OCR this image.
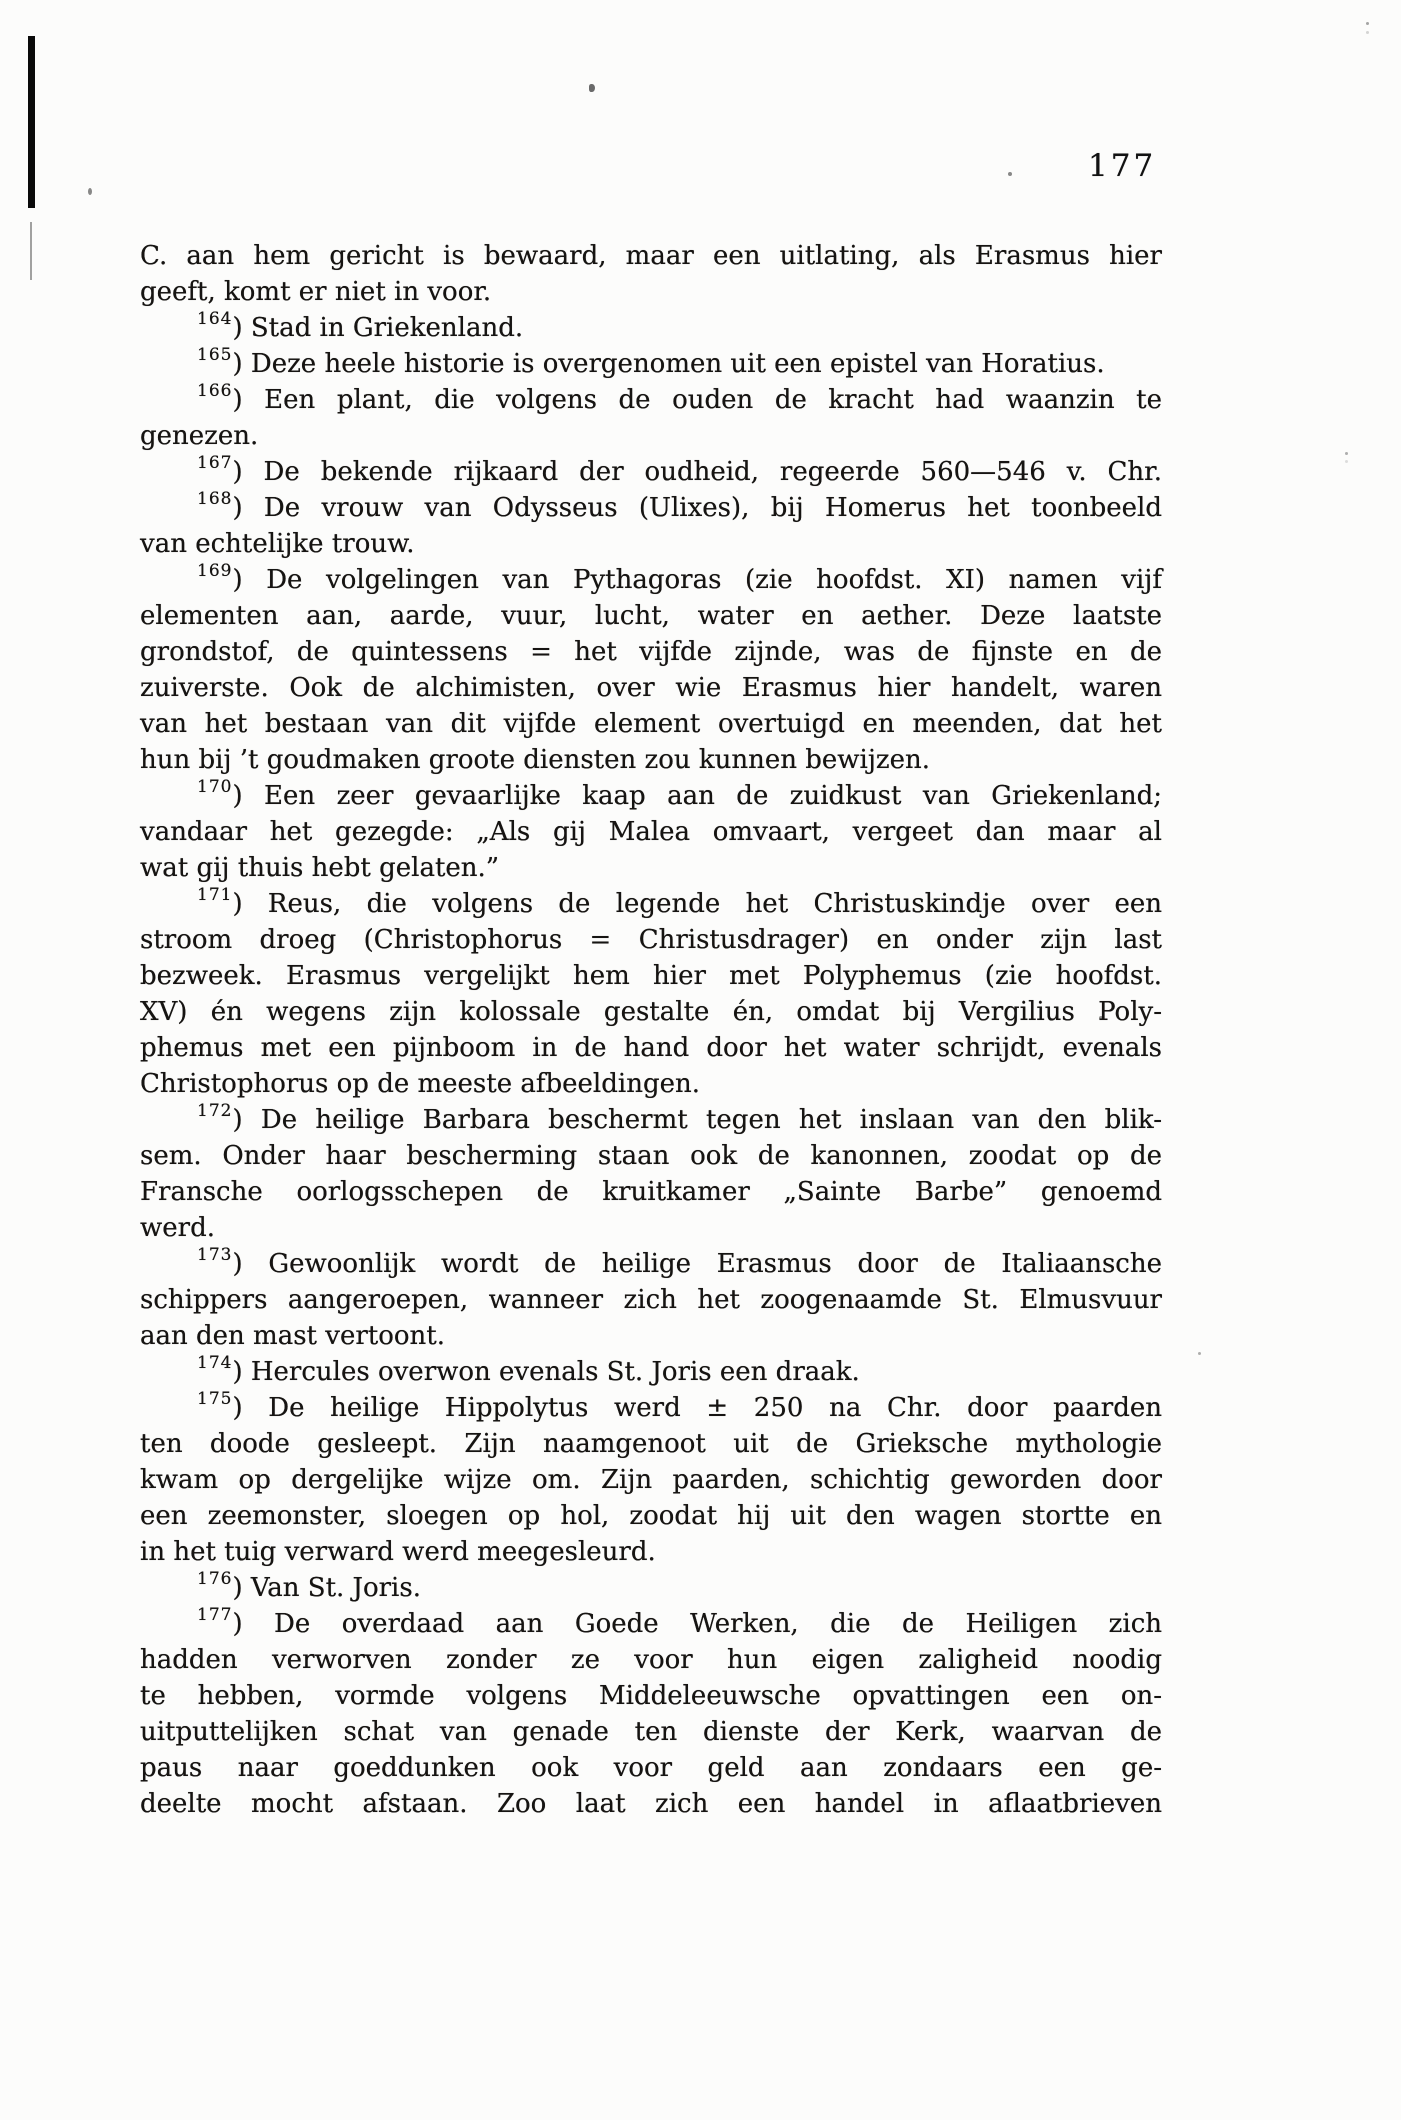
177
C. aan hem gericht is bewaard, maar een uitlating, als Erasmus hier
geeft, komt er niet in voor.
$^{164}$) Stad in Griekenland.
$^{165}$) Deze heele historie is overgenomen uit een epistel van Horatius.
$^{166}$) Een plant, die volgens de ouden de kracht had waanzin te
genezen.
$^{167}$) De bekende rijkaard der oudheid, regeerde 560—546 v. Chr.
$^{168}$) De vrouw van Odysseus (Ulixes), bij Homerus het toonbeeld
van echtelijke trouw.
$^{169}$) De volgelingen van Pythagoras (zie hoofdst. XI) namen vijf
elementen aan, aarde, vuur, lucht, water en aether. Deze laatste
grondstof, de quintessens = het vijfde zijnde, was de fijnste en de
zuiverste. Ook de alchimisten, over wie Erasmus hier handelt, waren
van het bestaan van dit vijfde element overtuigd en meenden, dat het
hun bij ’t goudmaken groote diensten zou kunnen bewijzen.
$^{170}$) Een zeer gevaarlijke kaap aan de zuidkust van Griekenland;
vandaar het gezegde: „Als gij Malea omvaart, vergeet dan maar al
wat gij thuis hebt gelaten.”
$^{171}$) Reus, die volgens de legende het Christuskindje over een
stroom droeg (Christophorus = Christusdrager) en onder zijn last
bezweek. Erasmus vergelijkt hem hier met Polyphemus (zie hoofdst.
XV) én wegens zijn kolossale gestalte én, omdat bij Vergilius Poly-
phemus met een pijnboom in de hand door het water schrijdt, evenals
Christophorus op de meeste afbeeldingen.
$^{172}$) De heilige Barbara beschermt tegen het inslaan van den blik-
sem. Onder haar bescherming staan ook de kanonnen, zoodat op de
Fransche oorlogsschepen de kruitkamer „Sainte Barbe” genoemd
werd.
$^{173}$) Gewoonlijk wordt de heilige Erasmus door de Italiaansche
schippers aangeroepen, wanneer zich het zoogenaamde St. Elmusvuur
aan den mast vertoont.
$^{174}$) Hercules overwon evenals St. Joris een draak.
$^{175}$) De heilige Hippolytus werd ± 250 na Chr. door paarden
ten doode gesleept. Zijn naamgenoot uit de Grieksche mythologie
kwam op dergelijke wijze om. Zijn paarden, schichtig geworden door
een zeemonster, sloegen op hol, zoodat hij uit den wagen stortte en
in het tuig verward werd meegesleurd.
$^{176}$) Van St. Joris.
$^{177}$) De overdaad aan Goede Werken, die de Heiligen zich
hadden verworven zonder ze voor hun eigen zaligheid noodig
te hebben, vormde volgens Middeleeuwsche opvattingen een on-
uitputtelijken schat van genade ten dienste der Kerk, waarvan de
paus naar goeddunken ook voor geld aan zondaars een ge-
deelte mocht afstaan. Zoo laat zich een handel in aflaatbrieven
